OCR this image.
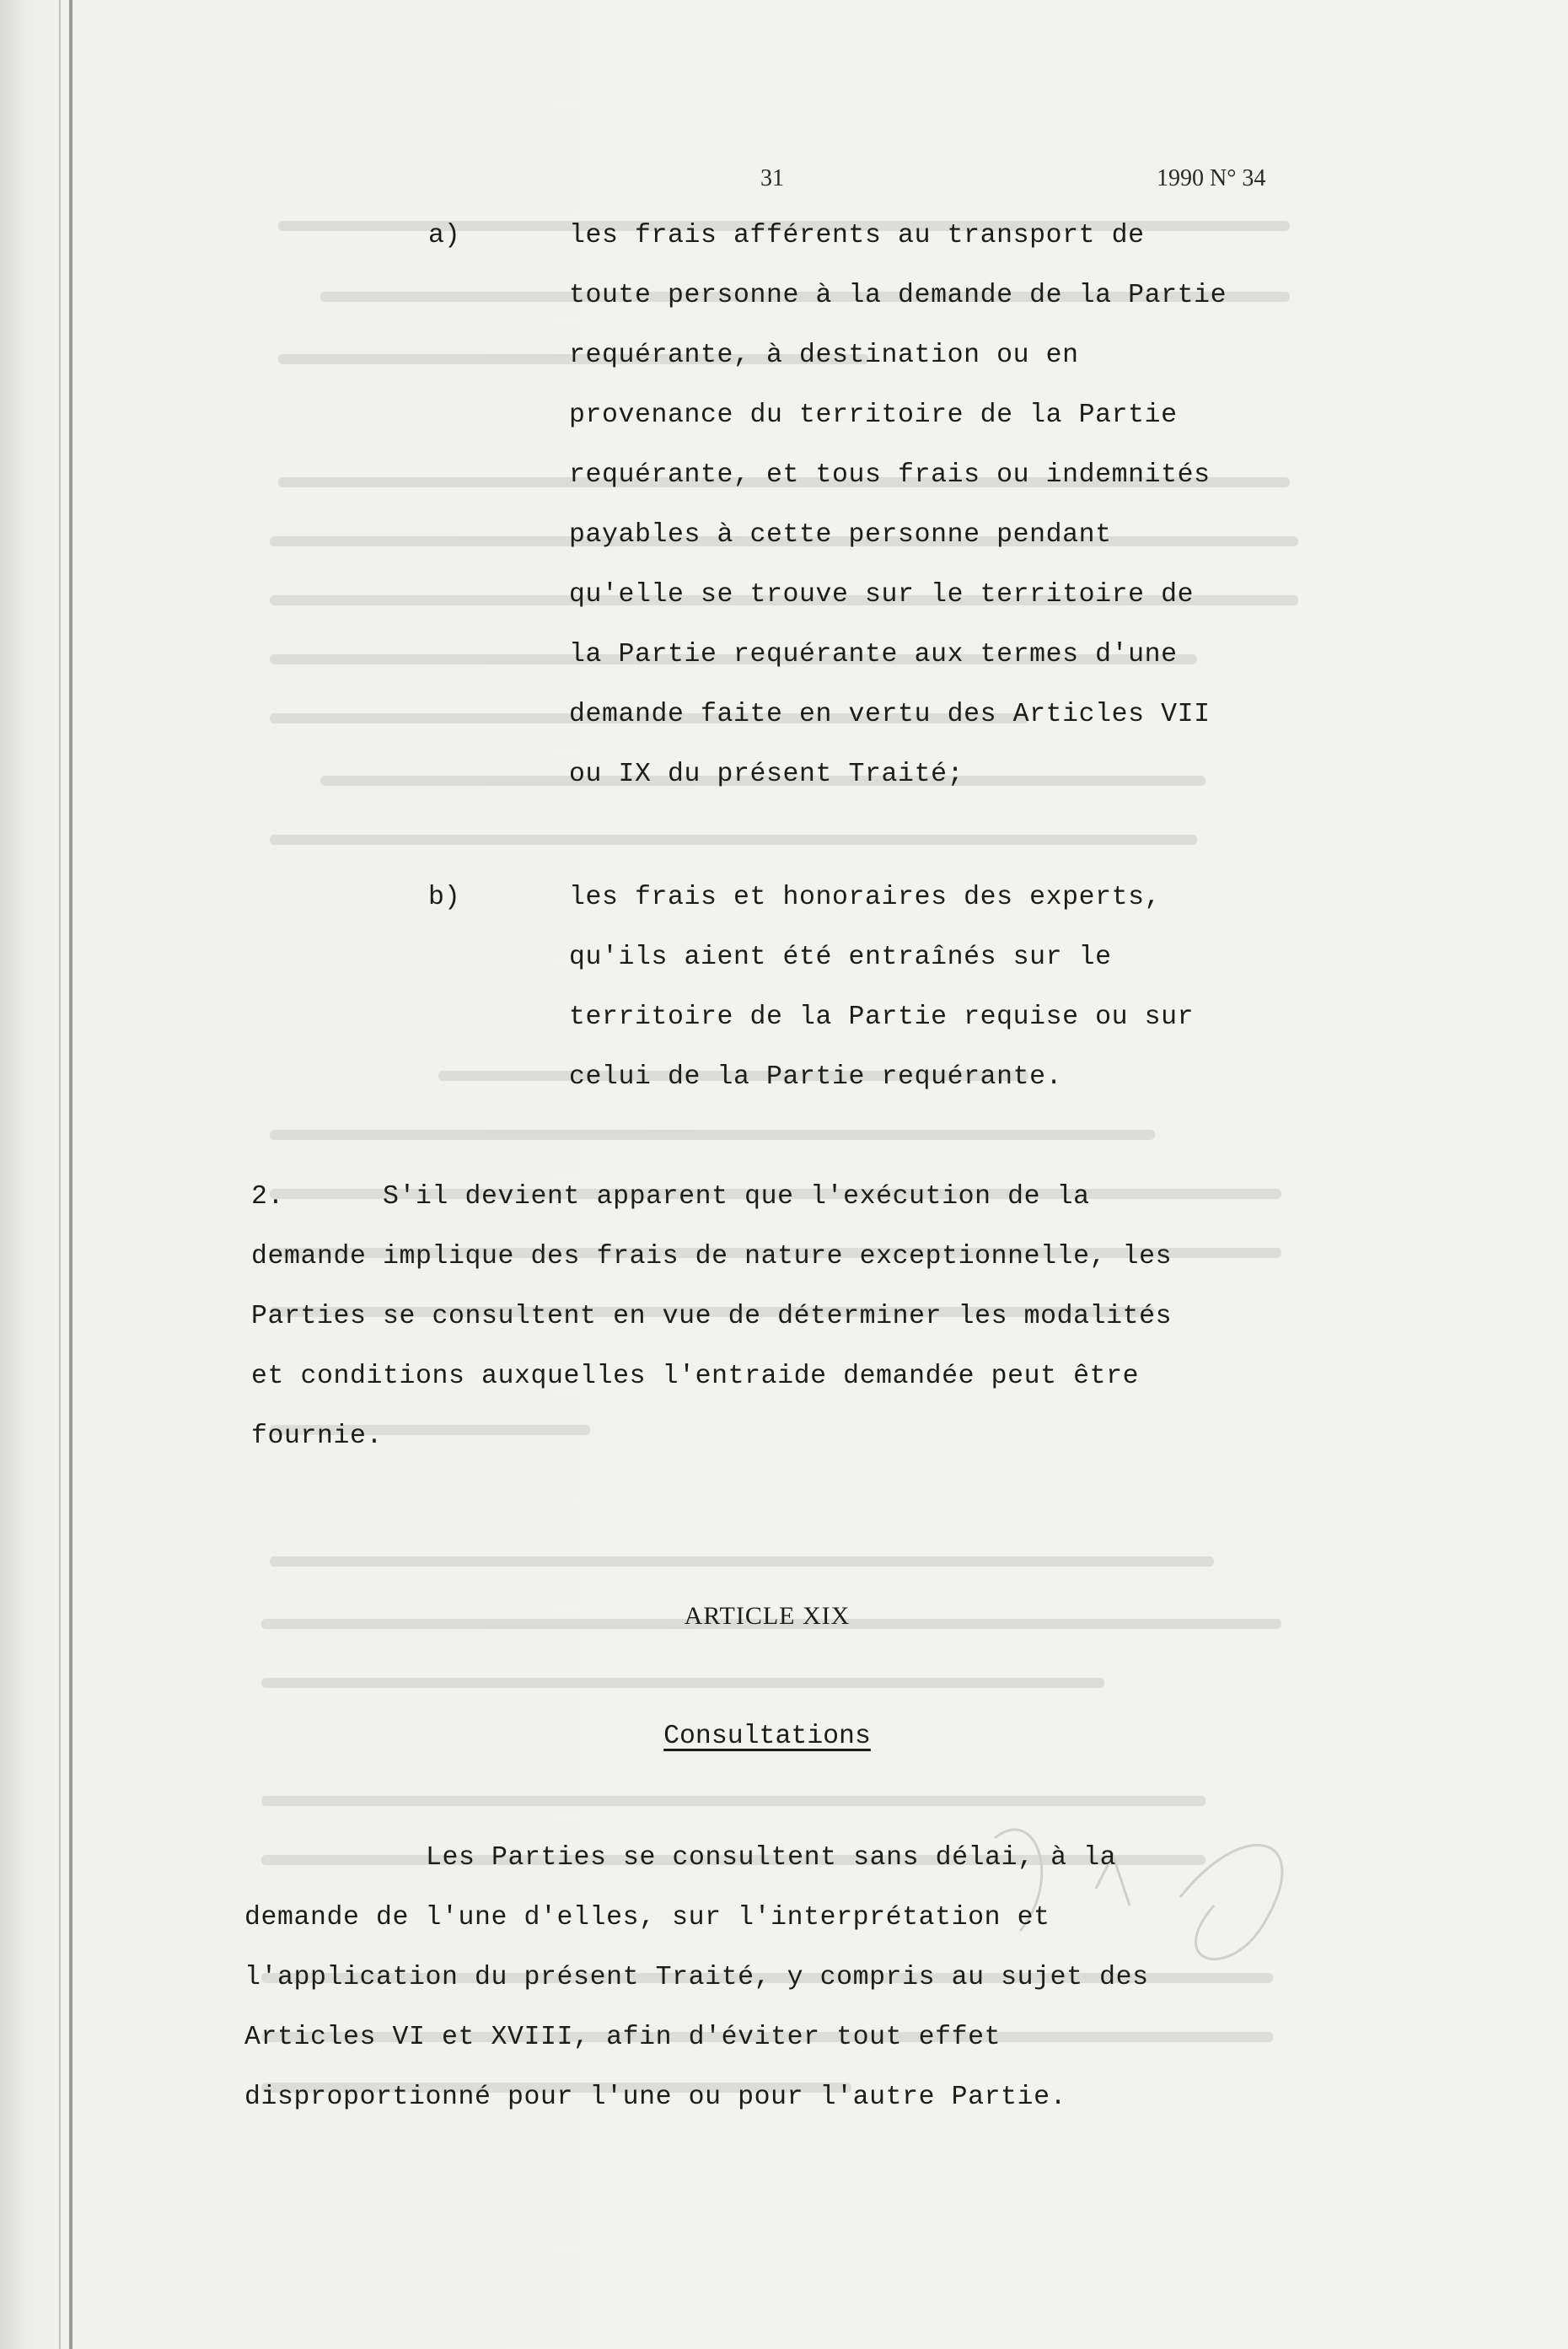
31	1990 N° 34
a)	les frais afférents au transport de
toute personne à la demande de la Partie
requérante, à destination ou en
provenance du territoire de la Partie
requérante, et tous frais ou indemnités
payables à cette personne pendant
qu'elle se trouve sur le territoire de
la Partie requérante aux termes d'une
demande faite en vertu des Articles VII
ou IX du présent Traité;
b)	les frais et honoraires des experts,
qu'ils aient été entraînés sur le
territoire de la Partie requise ou sur
celui de la Partie requérante.
2.      S'il devient apparent que l'exécution de la
demande implique des frais de nature exceptionnelle, les
Parties se consultent en vue de déterminer les modalités
et conditions auxquelles l'entraide demandée peut être
fournie.
ARTICLE XIX
Consultations
Les Parties se consultent sans délai, à la
demande de l'une d'elles, sur l'interprétation et
l'application du présent Traité, y compris au sujet des
Articles VI et XVIII, afin d'éviter tout effet
disproportionné pour l'une ou pour l'autre Partie.
